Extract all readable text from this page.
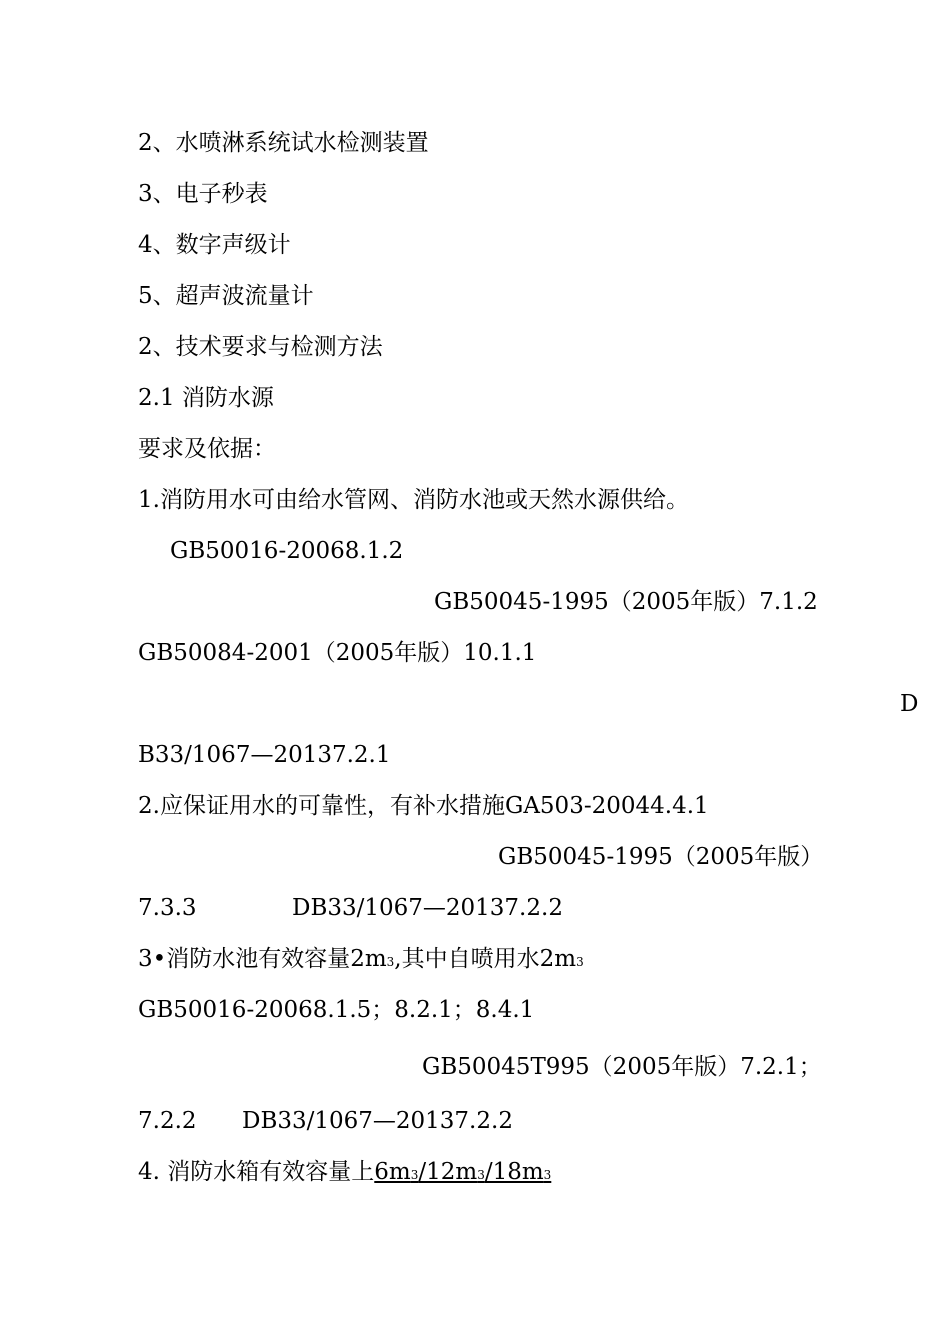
2、水喷淋系统试水检测装置
3、电子秒表
4、数字声级计
5、超声波流量计
2、技术要求与检测方法
2.1 消防水源
要求及依据：
1.消防用水可由给水管网、消防水池或天然水源供给。
GB50016-20068.1.2
GB50045-1995（2005年版）7.1.2
GB50084-2001（2005年版）10.1.1
D
B33/1067—20137.2.1
2.应保证用水的可靠性，有补水措施GA503-20044.4.1
GB50045-1995（2005年版）
7.3.3	DB33/1067—20137.2.2
3•消防水池有效容量2m3,其中自喷用水2m3
GB50016-20068.1.5；8.2.1；8.4.1
GB50045T995（2005年版）7.2.1；
7.2.2 DB33/1067—20137.2.2
4. 消防水箱有效容量上6m3/12m3/18m3
